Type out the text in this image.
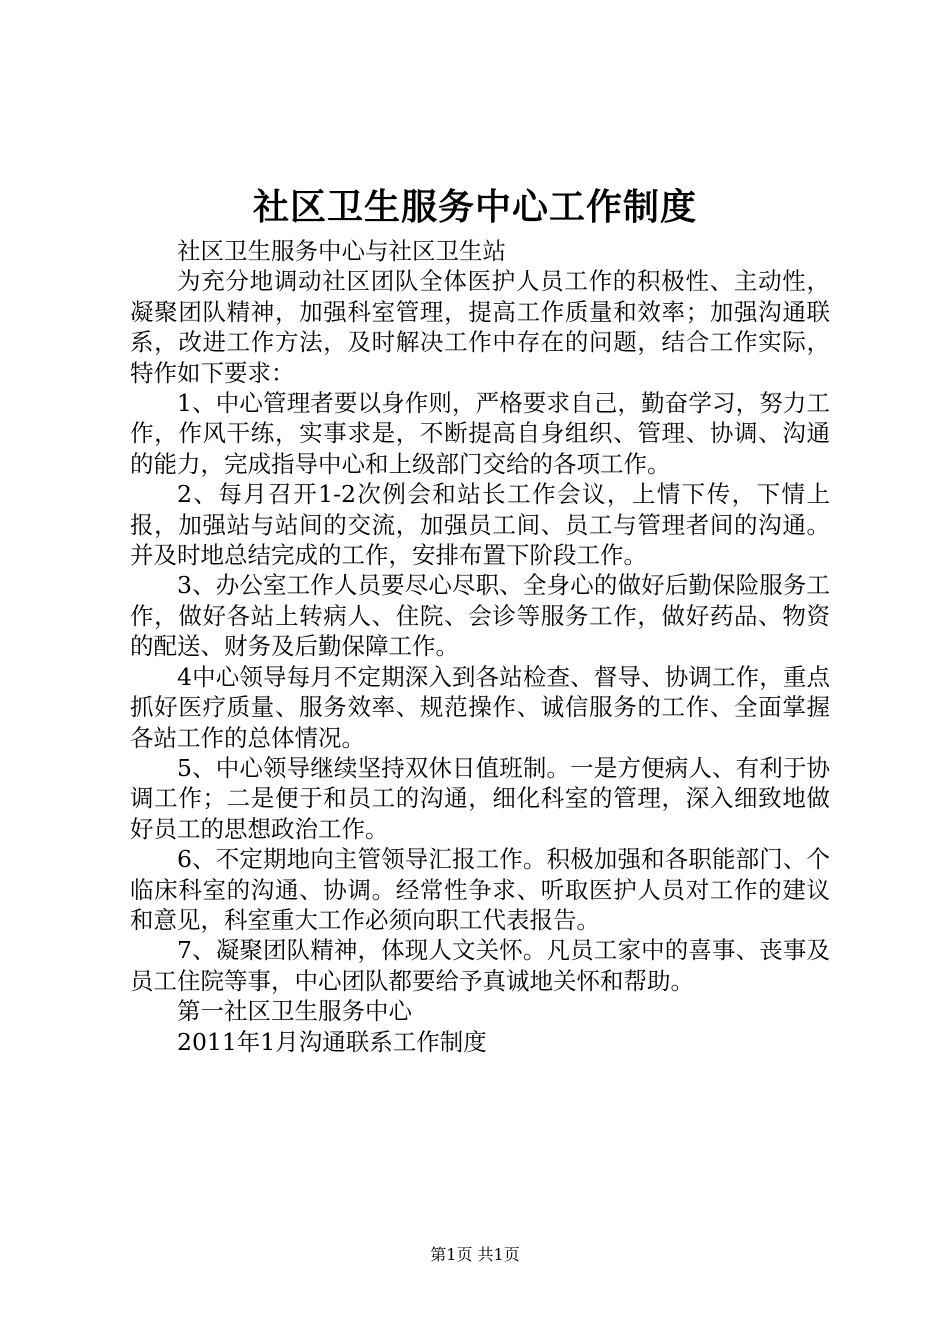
社区卫生服务中心工作制度

社区卫生服务中心与社区卫生站

为充分地调动社区团队全体医护人员工作的积极性、主动性，凝聚团队精神，加强科室管理，提高工作质量和效率；加强沟通联系，改进工作方法，及时解决工作中存在的问题，结合工作实际，特作如下要求：

1、中心管理者要以身作则，严格要求自己，勤奋学习，努力工作，作风干练，实事求是，不断提高自身组织、管理、协调、沟通的能力，完成指导中心和上级部门交给的各项工作。

2、每月召开1-2次例会和站长工作会议，上情下传，下情上报，加强站与站间的交流，加强员工间、员工与管理者间的沟通。并及时地总结完成的工作，安排布置下阶段工作。

3、办公室工作人员要尽心尽职、全身心的做好后勤保险服务工作，做好各站上转病人、住院、会诊等服务工作，做好药品、物资的配送、财务及后勤保障工作。

4中心领导每月不定期深入到各站检查、督导、协调工作，重点抓好医疗质量、服务效率、规范操作、诚信服务的工作、全面掌握各站工作的总体情况。

5、中心领导继续坚持双休日值班制。一是方便病人、有利于协调工作；二是便于和员工的沟通，细化科室的管理，深入细致地做好员工的思想政治工作。

6、不定期地向主管领导汇报工作。积极加强和各职能部门、个临床科室的沟通、协调。经常性争求、听取医护人员对工作的建议和意见，科室重大工作必须向职工代表报告。

7、凝聚团队精神，体现人文关怀。凡员工家中的喜事、丧事及员工住院等事，中心团队都要给予真诚地关怀和帮助。

第一社区卫生服务中心

2011年1月沟通联系工作制度

第1页 共1页
